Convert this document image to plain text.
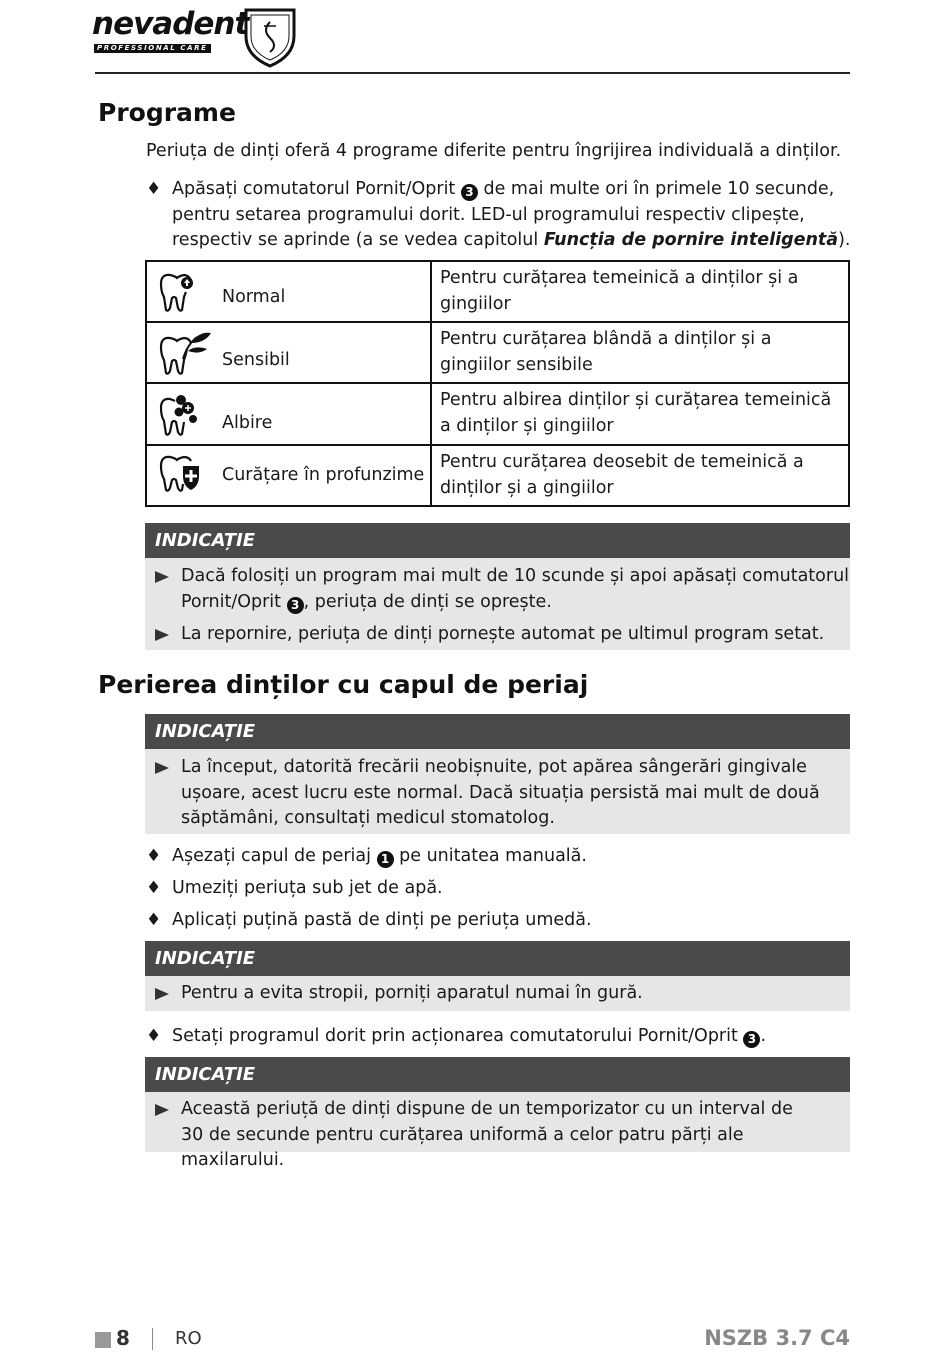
nevadent
PROFESSIONAL CARE
Programe

Periuța de dinți oferă 4 programe diferite pentru îngrijirea individuală a dinților.

♦ Apăsați comutatorul Pornit/Oprit 3 de mai multe ori în primele 10 secunde, pentru setarea programului dorit. LED-ul programului respectiv clipește, respectiv se aprinde (a se vedea capitolul Funcția de pornire inteligentă).
Normal	Pentru curățarea temeinică a dinților și a gingiilor

Sensibil	Pentru curățarea blândă a dinților și a gingiilor sensibile

Albire	Pentru albirea dinților și curățarea temeinică a dinților și gingiilor

Curățare în profunzime	Pentru curățarea deosebit de temeinică a dinților și a gingiilor
INDICAȚIE
Dacă folosiți un program mai mult de 10 scunde și apoi apăsați comutatorul Pornit/Oprit 3 , periuța de dinți se oprește.
La repornire, periuța de dinți pornește automat pe ultimul program setat.
Perierea dinților cu capul de periaj
INDICAȚIE
La început, datorită frecării neobișnuite, pot apărea sângerări gingivale ușoare, acest lucru este normal. Dacă situația persistă mai mult de două săptămâni, consultați medicul stomatolog.
♦ Așezați capul de periaj 1 pe unitatea manuală.
♦ Umeziți periuța sub jet de apă.
♦ Aplicați puțină pastă de dinți pe periuța umedă.
INDICAȚIE
Pentru a evita stropii, porniți aparatul numai în gură.
♦ Setați programul dorit prin acționarea comutatorului Pornit/Oprit 3 .
INDICAȚIE
Această periuță de dinți dispune de un temporizator cu un interval de 30 de secunde pentru curățarea uniformă a celor patru părți ale maxilarului.
8	RO	NSZB 3.7 C4
